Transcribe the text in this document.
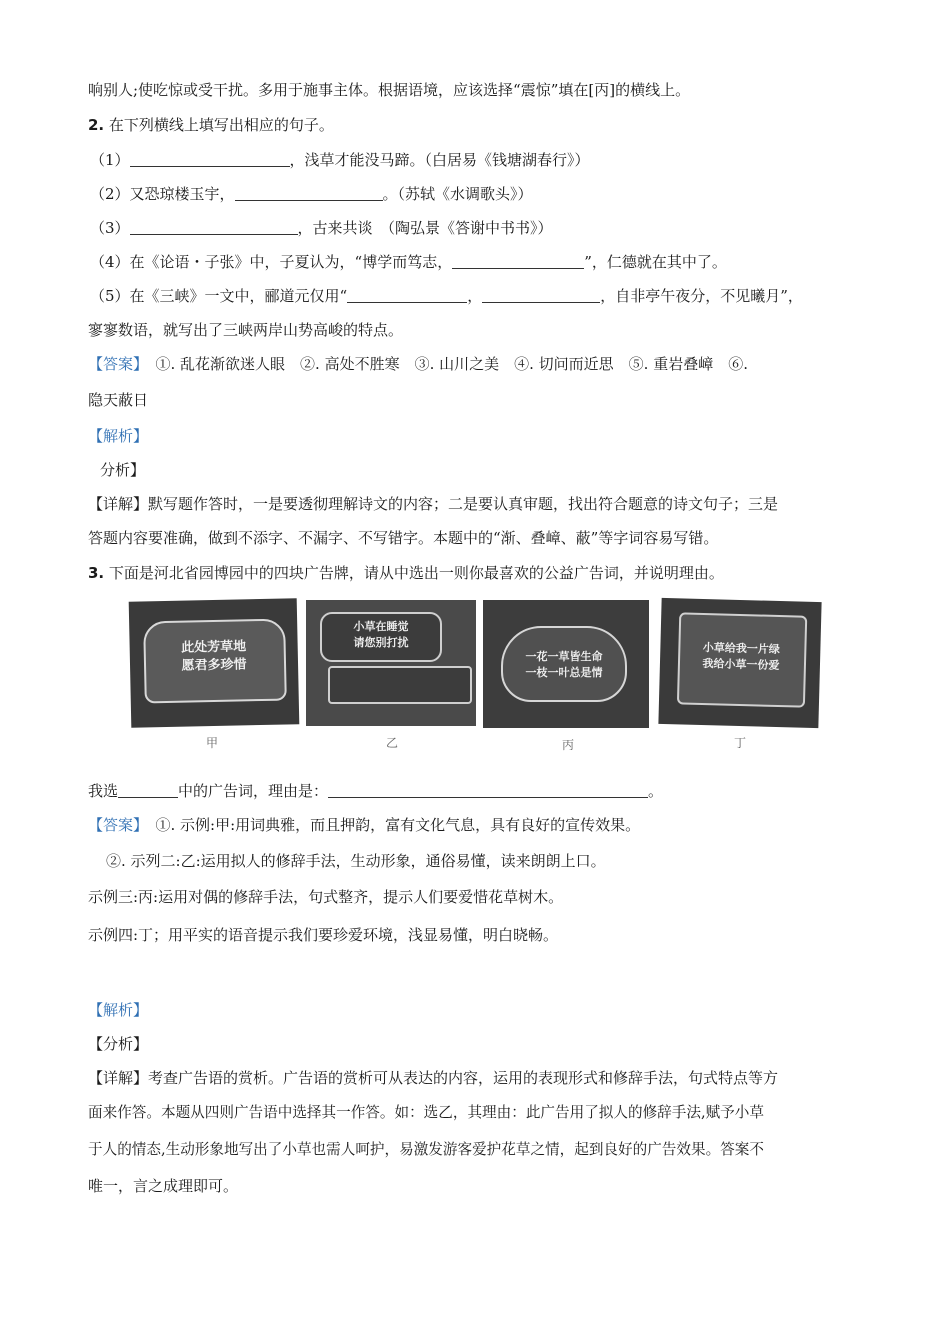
响别人;使吃惊或受干扰。多用于施事主体。根据语境，应该选择“震惊”填在[丙]的横线上。
2. 在下列横线上填写出相应的句子。
（1）	，浅草才能没马蹄。（白居易《钱塘湖春行》）
（2）又恐琼楼玉宇，	。（苏轼《水调歌头》）
（3）	，古来共谈　（陶弘景《答谢中书书》）
（4）在《论语・子张》中，子夏认为，“博学而笃志，	”，仁德就在其中了。
（5）在《三峡》一文中，郦道元仅用“	，	，自非亭午夜分，不见曦月”，
寥寥数语，就写出了三峡两岸山势高峻的特点。
【答案】　①. 乱花渐欲迷人眼　②. 高处不胜寒　③. 山川之美　④. 切问而近思　⑤. 重岩叠嶂　⑥.
隐天蔽日
【解析】
分析】
【详解】默写题作答时，一是要透彻理解诗文的内容；二是要认真审题，找出符合题意的诗文句子；三是
答题内容要准确，做到不添字、不漏字、不写错字。本题中的“渐、叠嶂、蔽”等字词容易写错。
3. 下面是河北省园博园中的四块广告牌，请从中选出一则你最喜欢的公益广告词，并说明理由。
此处芳草地
愿君多珍惜
甲
小草在睡觉
请您别打扰
乙
一花一草皆生命
一枝一叶总是情
丙
小草给我一片绿
我给小草一份爱
丁
我选	中的广告词，理由是：	。
【答案】　①. 示例:甲:用词典雅，而且押韵，富有文化气息，具有良好的宣传效果。
②. 示列二:乙:运用拟人的修辞手法，生动形象，通俗易懂，读来朗朗上口。
示例三:丙:运用对偶的修辞手法，句式整齐，提示人们要爱惜花草树木。
示例四:丁；用平实的语音提示我们要珍爱环境，浅显易懂，明白晓畅。
【解析】
【分析】
【详解】考查广告语的赏析。广告语的赏析可从表达的内容，运用的表现形式和修辞手法，句式特点等方
面来作答。本题从四则广告语中选择其一作答。如：选乙，其理由：此广告用了拟人的修辞手法,赋予小草
于人的情态,生动形象地写出了小草也需人呵护，易激发游客爱护花草之情，起到良好的广告效果。答案不
唯一，言之成理即可。
